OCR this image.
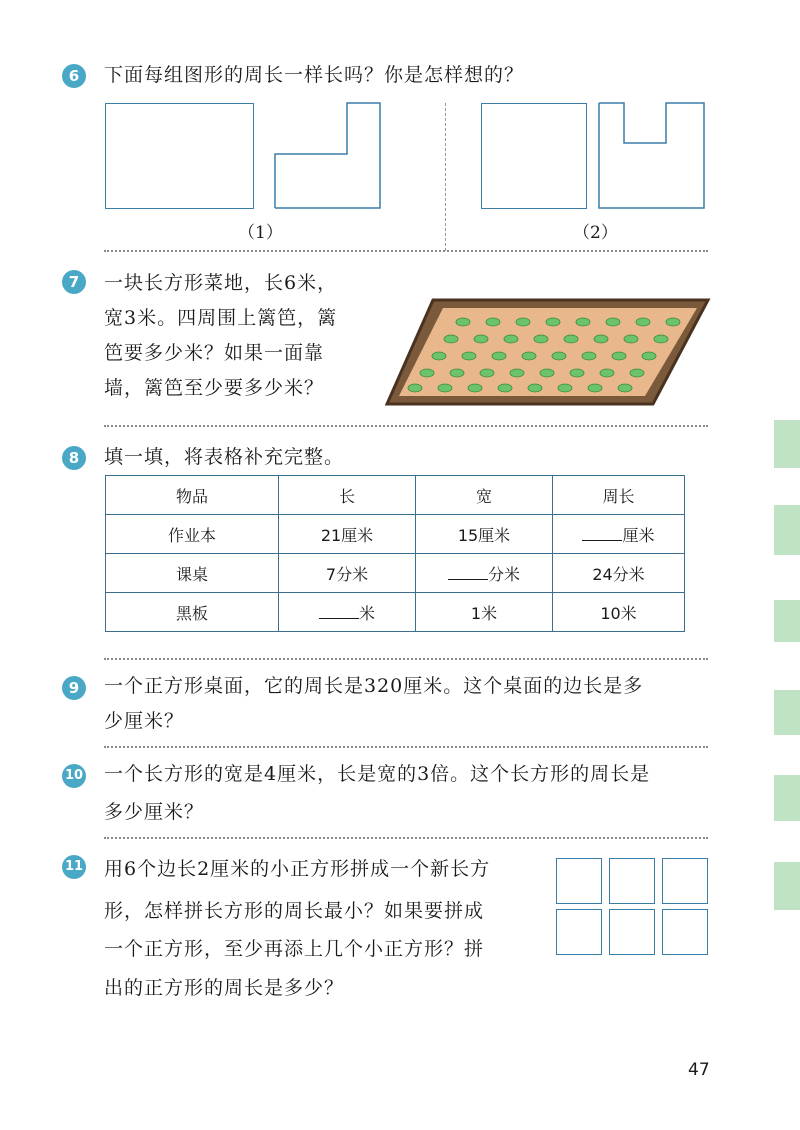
6	下面每组图形的周长一样长吗？你是怎样想的？
（1）	（2）
7	一块长方形菜地，长6米，
宽3米。四周围上篱笆，篱
笆要多少米？如果一面靠
墙，篱笆至少要多少米？
8	填一填，将表格补充完整。
物品	长	宽	周长
作业本	21厘米	15厘米	厘米
课桌	7分米	分米	24分米
黑板	米	1米	10米
9	一个正方形桌面，它的周长是320厘米。这个桌面的边长是多
少厘米？
10 一个长方形的宽是4厘米，长是宽的3倍。这个长方形的周长是
多少厘米？
11 用6个边长2厘米的小正方形拼成一个新长方
形，怎样拼长方形的周长最小？如果要拼成
一个正方形，至少再添上几个小正方形？拼
出的正方形的周长是多少？
47
